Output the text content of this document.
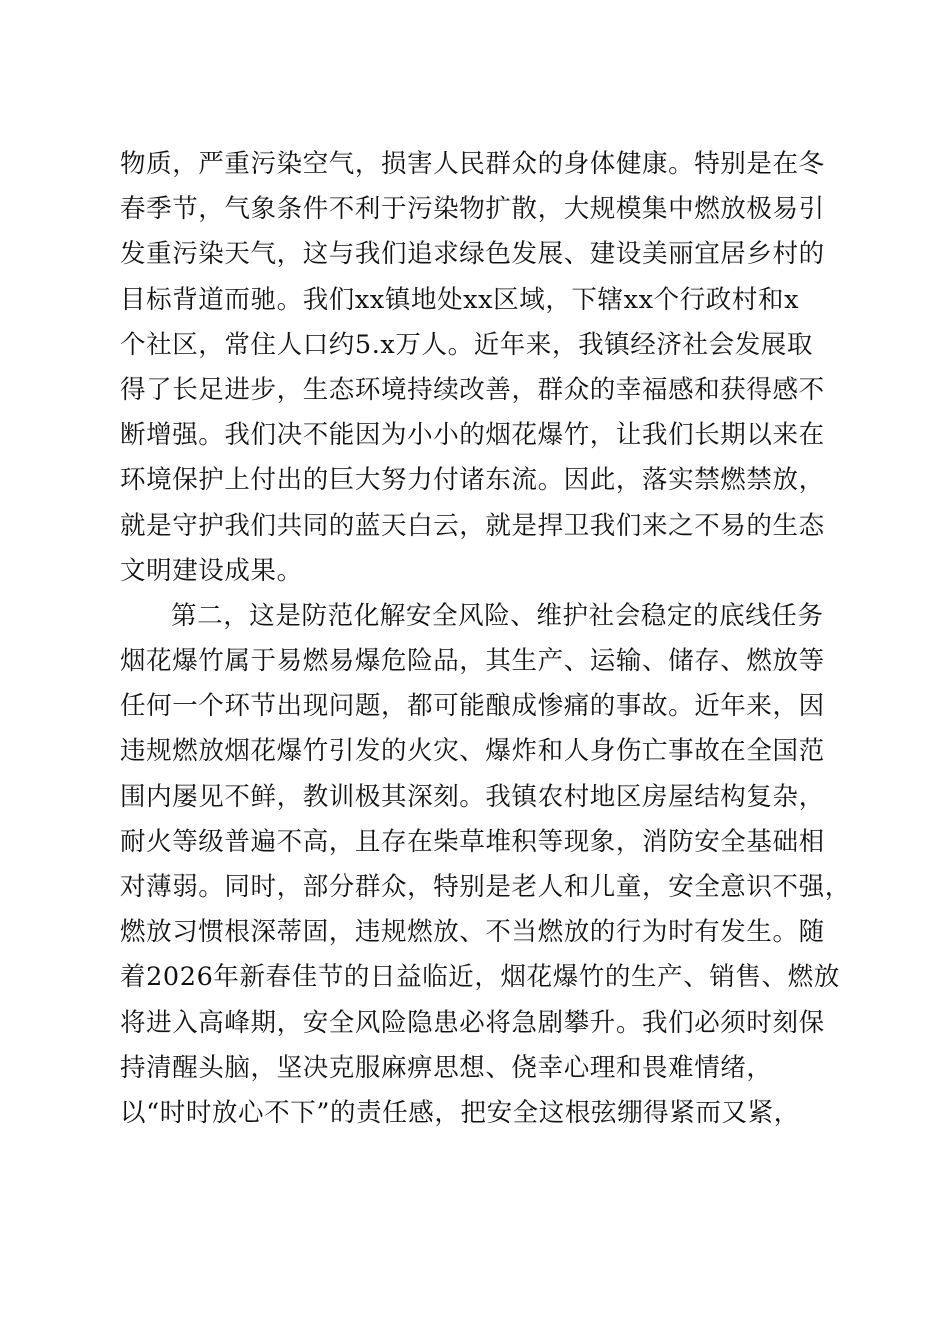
物质，严重污染空气，损害人民群众的身体健康。特别是在冬
春季节，气象条件不利于污染物扩散，大规模集中燃放极易引
发重污染天气，这与我们追求绿色发展、建设美丽宜居乡村的
目标背道而驰。我们xx镇地处xx区域，下辖xx个行政村和x
个社区，常住人口约5.x万人。近年来，我镇经济社会发展取
得了长足进步，生态环境持续改善，群众的幸福感和获得感不
断增强。我们决不能因为小小的烟花爆竹，让我们长期以来在
环境保护上付出的巨大努力付诸东流。因此，落实禁燃禁放，
就是守护我们共同的蓝天白云，就是捍卫我们来之不易的生态
文明建设成果。
第二，这是防范化解安全风险、维护社会稳定的底线任务
烟花爆竹属于易燃易爆危险品，其生产、运输、储存、燃放等
任何一个环节出现问题，都可能酿成惨痛的事故。近年来，因
违规燃放烟花爆竹引发的火灾、爆炸和人身伤亡事故在全国范
围内屡见不鲜，教训极其深刻。我镇农村地区房屋结构复杂，
耐火等级普遍不高，且存在柴草堆积等现象，消防安全基础相
对薄弱。同时，部分群众，特别是老人和儿童，安全意识不强，
燃放习惯根深蒂固，违规燃放、不当燃放的行为时有发生。随
着2026年新春佳节的日益临近，烟花爆竹的生产、销售、燃放
将进入高峰期，安全风险隐患必将急剧攀升。我们必须时刻保
持清醒头脑，坚决克服麻痹思想、侥幸心理和畏难情绪，
以“时时放心不下”的责任感，把安全这根弦绷得紧而又紧，
